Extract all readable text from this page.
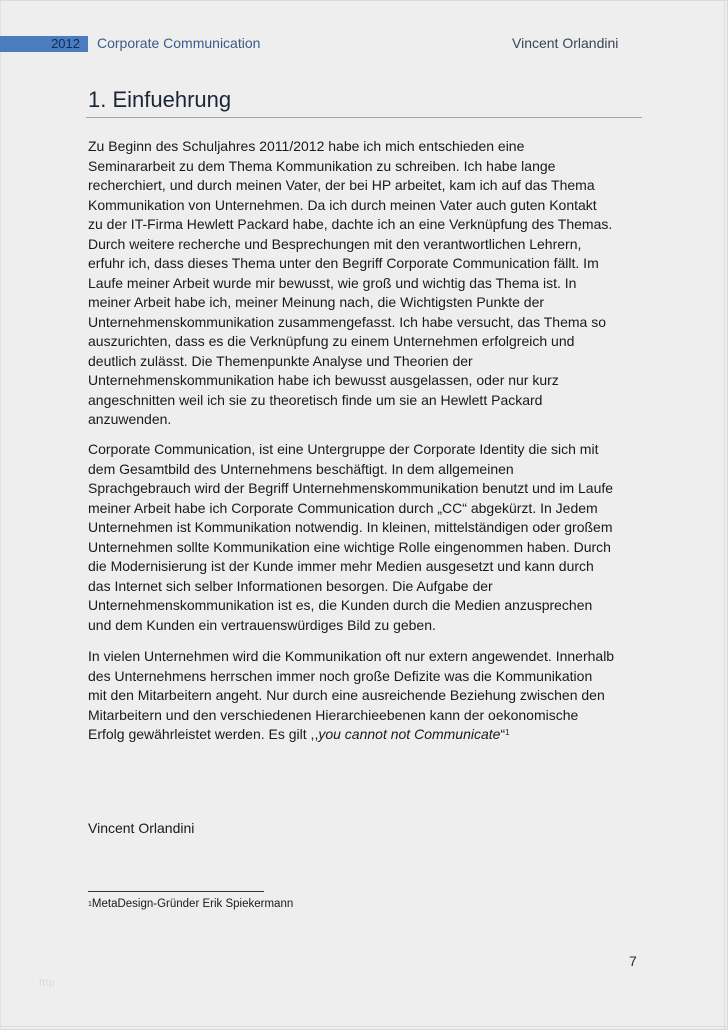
2012 Corporate Communication	Vincent Orlandini
1. Einfuehrung
Zu Beginn des Schuljahres 2011/2012 habe ich mich entschieden eine
Seminararbeit zu dem Thema Kommunikation zu schreiben. Ich habe lange
recherchiert, und durch meinen Vater, der bei HP arbeitet, kam ich auf das Thema
Kommunikation von Unternehmen. Da ich durch meinen Vater auch guten Kontakt
zu der IT-Firma Hewlett Packard habe, dachte ich an eine Verknüpfung des Themas.
Durch weitere recherche und Besprechungen mit den verantwortlichen Lehrern,
erfuhr ich, dass dieses Thema unter den Begriff Corporate Communication fällt. Im
Laufe meiner Arbeit wurde mir bewusst, wie groß und wichtig das Thema ist. In
meiner Arbeit habe ich, meiner Meinung nach, die Wichtigsten Punkte der
Unternehmenskommunikation zusammengefasst. Ich habe versucht, das Thema so
auszurichten, dass es die Verknüpfung zu einem Unternehmen erfolgreich und
deutlich zulässt. Die Themenpunkte Analyse und Theorien der
Unternehmenskommunikation habe ich bewusst ausgelassen, oder nur kurz
angeschnitten weil ich sie zu theoretisch finde um sie an Hewlett Packard
anzuwenden.
Corporate Communication, ist eine Untergruppe der Corporate Identity die sich mit
dem Gesamtbild des Unternehmens beschäftigt. In dem allgemeinen
Sprachgebrauch wird der Begriff Unternehmenskommunikation benutzt und im Laufe
meiner Arbeit habe ich Corporate Communication durch „CC“ abgekürzt. In Jedem
Unternehmen ist Kommunikation notwendig. In kleinen, mittelständigen oder großem
Unternehmen sollte Kommunikation eine wichtige Rolle eingenommen haben. Durch
die Modernisierung ist der Kunde immer mehr Medien ausgesetzt und kann durch
das Internet sich selber Informationen besorgen. Die Aufgabe der
Unternehmenskommunikation ist es, die Kunden durch die Medien anzusprechen
und dem Kunden ein vertrauenswürdiges Bild zu geben.
In vielen Unternehmen wird die Kommunikation oft nur extern angewendet. Innerhalb
des Unternehmens herrschen immer noch große Defizite was die Kommunikation
mit den Mitarbeitern angeht. Nur durch eine ausreichende Beziehung zwischen den
Mitarbeitern und den verschiedenen Hierarchieebenen kann der oekonomische
Erfolg gewährleistet werden. Es gilt ,,you cannot not Communicate“$^1$
Vincent Orlandini
$^1$MetaDesign-Gründer Erik Spiekermann
7
fttp
